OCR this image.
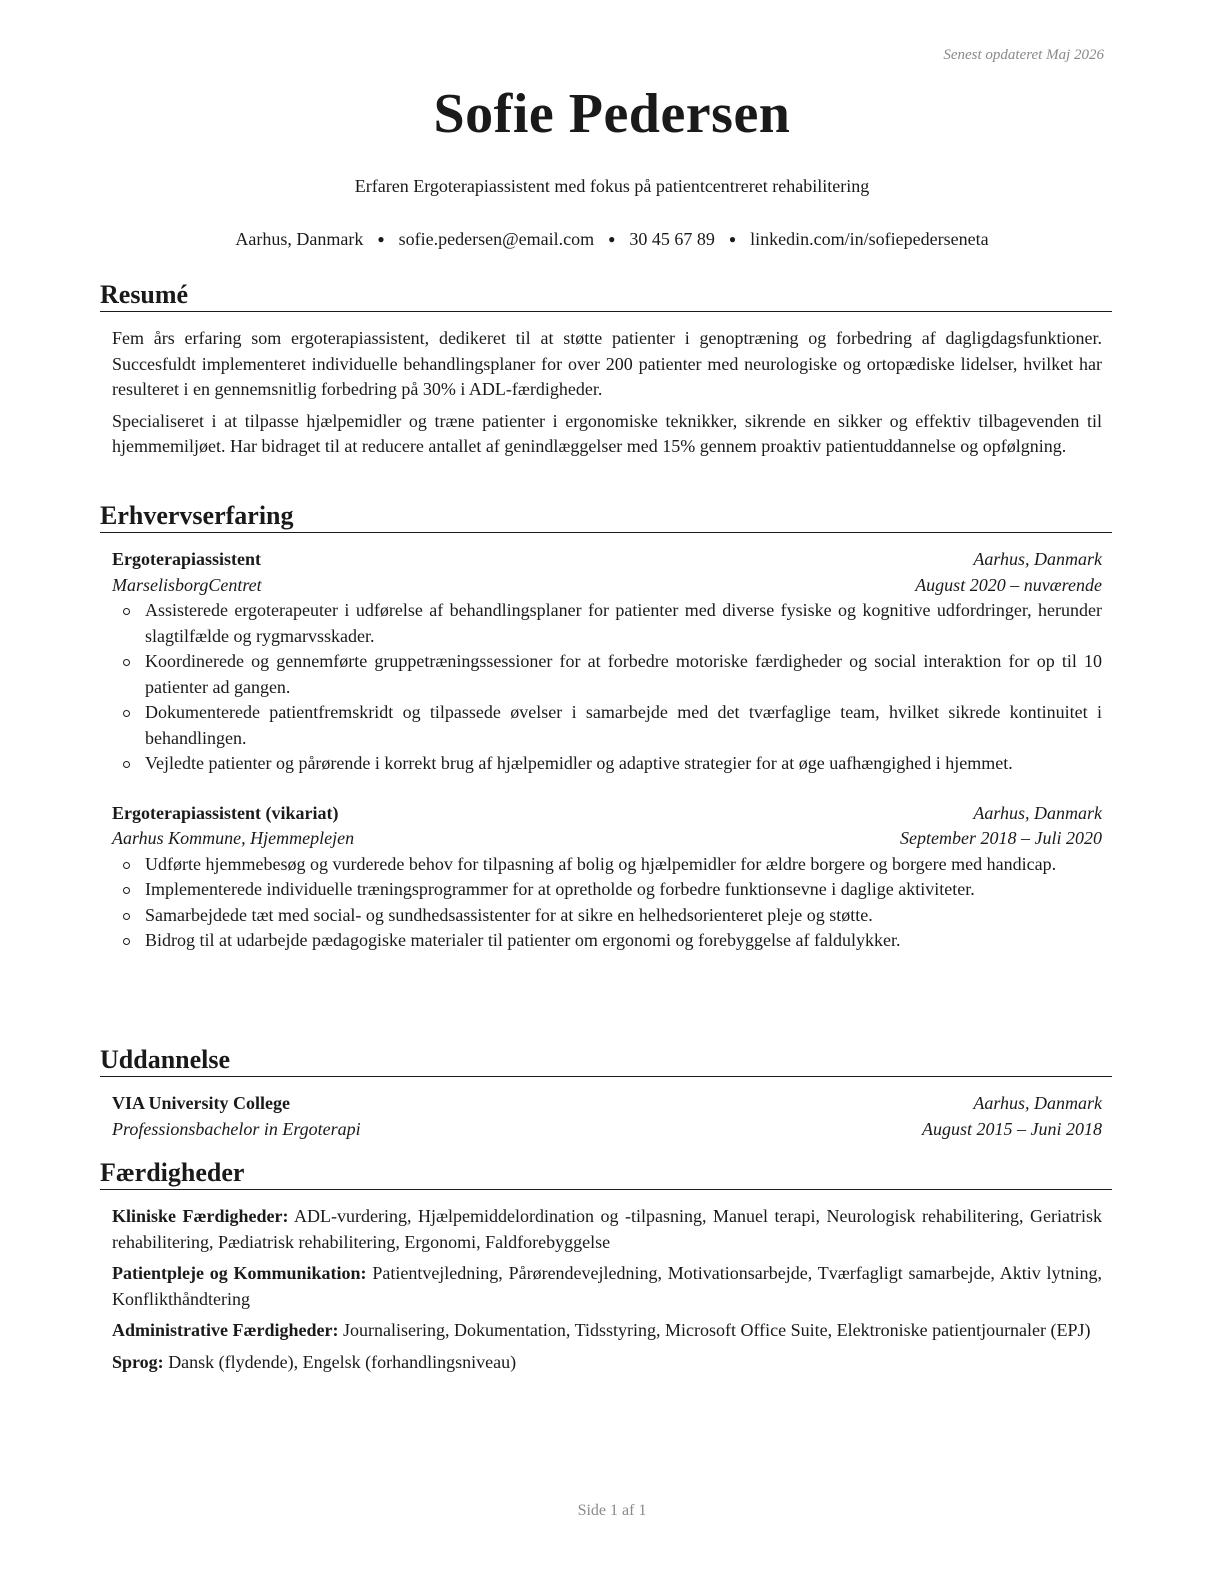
Senest opdateret Maj 2026
Sofie Pedersen
Erfaren Ergoterapiassistent med fokus på patientcentreret rehabilitering
Aarhus, Danmark ● sofie.pedersen@email.com ● 30 45 67 89 ● linkedin.com/in/sofiepederseneta
Resumé

Fem års erfaring som ergoterapiassistent, dedikeret til at støtte patienter i genoptræning og forbedring af dagligdagsfunktioner. Succesfuldt implementeret individuelle behandlingsplaner for over 200 patienter med neurologiske og ortopædiske lidelser, hvilket har resulteret i en gennemsnitlig forbedring på 30% i ADL-færdigheder.

Specialiseret i at tilpasse hjælpemidler og træne patienter i ergonomiske teknikker, sikrende en sikker og effektiv tilbagevenden til hjemmemiljøet. Har bidraget til at reducere antallet af genindlæggelser med 15% gennem proaktiv patientuddannelse og opfølgning.

Erhvervserfaring
Ergoterapiassistent	Aarhus, Danmark
MarselisborgCentret	August 2020 – nuværende
Assisterede ergoterapeuter i udførelse af behandlingsplaner for patienter med diverse fysiske og kognitive udfordringer, herunder slagtilfælde og rygmarvsskader.
Koordinerede og gennemførte gruppetræningssessioner for at forbedre motoriske færdigheder og social interaktion for op til 10 patienter ad gangen.
Dokumenterede patientfremskridt og tilpassede øvelser i samarbejde med det tværfaglige team, hvilket sikrede kontinuitet i behandlingen.
Vejledte patienter og pårørende i korrekt brug af hjælpemidler og adaptive strategier for at øge uafhængighed i hjemmet.
Ergoterapiassistent (vikariat)	Aarhus, Danmark
Aarhus Kommune, Hjemmeplejen	September 2018 – Juli 2020
Udførte hjemmebesøg og vurderede behov for tilpasning af bolig og hjælpemidler for ældre borgere og borgere med handicap.
Implementerede individuelle træningsprogrammer for at opretholde og forbedre funktionsevne i daglige aktiviteter.
Samarbejdede tæt med social- og sundhedsassistenter for at sikre en helhedsorienteret pleje og støtte.
Bidrog til at udarbejde pædagogiske materialer til patienter om ergonomi og forebyggelse af faldulykker.
Uddannelse
VIA University College	Aarhus, Danmark
Professionsbachelor in Ergoterapi	August 2015 – Juni 2018
Færdigheder
Kliniske Færdigheder: ADL-vurdering, Hjælpemiddelordination og -tilpasning, Manuel terapi, Neurologisk rehabilitering, Geriatrisk rehabilitering, Pædiatrisk rehabilitering, Ergonomi, Faldforebyggelse
Patientpleje og Kommunikation: Patientvejledning, Pårørendevejledning, Motivationsarbejde, Tværfagligt samarbejde, Aktiv lytning, Konflikthåndtering
Administrative Færdigheder: Journalisering, Dokumentation, Tidsstyring, Microsoft Office Suite, Elektroniske patientjournaler (EPJ)
Sprog: Dansk (flydende), Engelsk (forhandlingsniveau)
Side 1 af 1
